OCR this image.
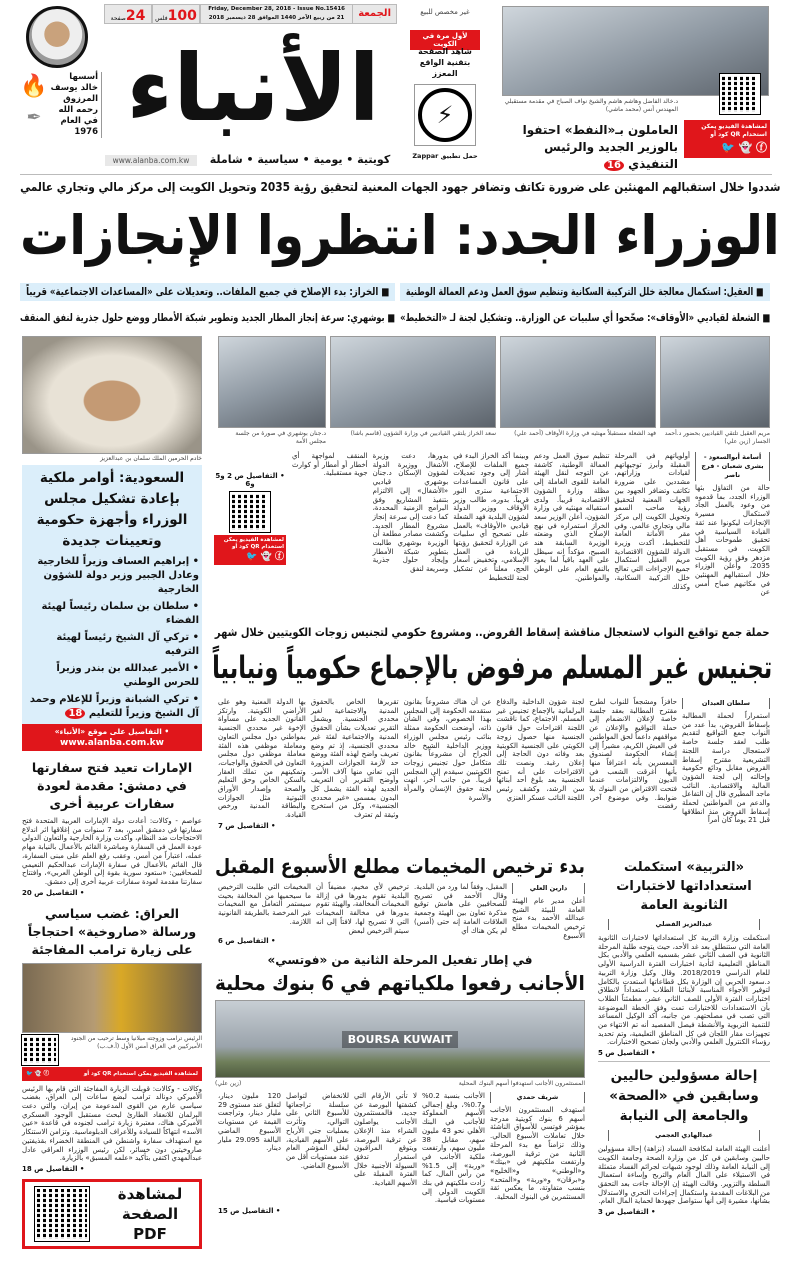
د.خالد الفاضل وهاشم هاشم والشيخ نواف الصباح في مقدمة مستقبلي المهندس أنس (محمد ماشي)
لمشاهدة الفيديو يمكن استخدام QR كود أو
ⓕ 👻 🐦
العاملون بـ«النفط» احتفوا بالوزير الجديد والرئيس التنفيذي 16
غير مخصص للبيع
الجمعة
Friday, December 28, 2018 - Issue No.15416
21 من ربيع الآخر 1440 الموافق 28 ديسمبر 2018
100فلس
24صفحة
🔥
✒
أسسها
خالد يوسف
المرزوق
رحمه الله
في العام
1976 الأنباء
كويتية • يومية • سياسية • شاملة
www.alanba.com.kw
لأول مرة في الكويت
شاهد الصفحة بتقنية الواقع المعزز
⚡
حمل تطبيق Zappar
شددوا خلال استقبالهم المهنئين على ضرورة تكاتف وتضافر جهود الجهات المعنية لتحقيق رؤية 2035 وتحويل الكويت إلى مركز مالي وتجاري عالمي
الوزراء الجدد: انتظروا الإنجازات
■ العقيل: استكمال معالجة خلل التركيبة السكانية وتنظيم سوق العمل ودعم العمالة الوطنية
■ الخراز: بدء الإصلاح في جميع الملفات.. وتعديلات على «المساعدات الاجتماعية» قريباً
■ الشعلة لقياديي «الأوقاف»: صحّحوا أي سلبيات عن الوزارة.. وتشكيل لجنة لـ «التخطيط»
■ بوشهري: سرعة إنجاز المطار الجديد وتطوير شبكة الأمطار ووضع حلول جذرية لنفق المنقف
مريم العقيل تلتقي القياديين بحضور د.أحمد الجسار (زين علي)
فهد الشعلة مستقبلاً مهنئيه في وزارة الأوقاف (أحمد علي)
سعد الخراز يلتقي القياديين في وزارة الشؤون (قاسم باشا)
د.جنان بوشهري في صورة من جلسة مجلس الأمة
أسامة أبوالسعود - بشرى شعبان - فرج ناصر
حالة من التفاؤل بثها الوزراء الجدد، بما قدموه من وعود بالعمل الجاد لاستكمال مسيرة الإنجازات ليكونوا عند ثقة القيادة السياسية في تحقيق طموحات أهل الكويت، في مستقبل مزدهر وفق رؤية الكويت 2035، وأعلن الوزراء خلال استقبالهم المهنئين في مكاتبهم صباح أمس عن
أولوياتهم في المرحلة المقبلة وأبرز توجيهاتهم لقيادات وزاراتهم، مشددين على ضرورة تكاتف وتضافر الجهود بين الجهات المعنية لتحقيق رؤية صاحب السمو وتحويل الكويت إلى مركز مالي وتجاري عالمي. وفي مقر الأمانة العامة للتخطيط، أكدت وزيرة الدولة للشؤون الاقتصادية مريم العقيل استكمال جميع الإجراءات التي تعالج خلل التركيبة السكانية، وكذلك
تنظيم سوق العمل ودعم العمالة الوطنية، كاشفة عن التوجه لنقل الهيئة العامة للقوى العاملة إلى مظلة وزارة الشؤون الاقتصادية قريباً. ولدى استقباله مهنئيه في وزارة الشؤون، أعلن الوزير سعد الخراز استمراره في نهج الإصلاح الذي وضعته الوزيرة السابقة هند الصبيح، مؤكداً انه سيظل على العهد باقياً لما يعود بالنفع العام على الوطن والمواطنين.
وبينما أكد الخراز البدء في جميع الملفات للإصلاح، أشار إلى وجود تعديلات على قانون المساعدات الاجتماعية سترى النور قريباً. بدوره، طالب وزير الأوقاف ووزير الدولة لشؤون البلدية فهد الشعلة قياديي «الأوقاف» بالعمل على تصحيح أي سلبيات عن الوزارة لتحقيق رؤيتها للريادة في العمل الإسلامي، وتخفيض أسعار الحج، معلناً عن تشكيل لجنة للتخطيط
بدورها، دعت وزيرة الأشغال ووزيرة الدولة لشؤون الإسكان د.جنان بوشهري قياديي «الأشغال» إلى الالتزام بتنفيذ المشاريع وفق البرامج الزمنية المحددة، كما دعت إلى سرعة إنجاز مشروع المطار الجديد. وكشفت مصادر مطلعة أن الوزيرة بوشهري طالبت بتطوير شبكة الأمطار وإيجاد حلول جذرية وسريعة لنفق
المنقف لمواجهة أي أخطار أو أمطار أو كوارث جوية مستقبلية.
• التفاصيل ص 2 و5 و6
لمشاهدة الفيديو يمكن استخدام QR كود أو
ⓕ 👻 🐦
خادم الحرمين الملك سلمان بن عبدالعزيز
السعودية: أوامر ملكية بإعادة تشكيل مجلس الوزراء وأجهزة حكومية وتعيينات جديدة
• إبراهيم العساف وزيراً للخارجية وعادل الجبير وزير دولة للشؤون الخارجية
• سلطان بن سلمان رئيساً لهيئة الفضاء
• تركي آل الشيخ رئيساً لهيئة الترفيه
• الأمير عبدالله بن بندر وزيراً للحرس الوطني
• تركي الشبانة وزيراً للإعلام وحمد آل الشيخ وزيراً للتعليم 18
• التفاصيل على موقع «الأنباء»
www.alanba.com.kw
الإمارات تعيد فتح سفارتها في دمشق: مقدمة لعودة سفارات عربية أخرى
عواصم - وكالات: أعادت دولة الإمارات العربية المتحدة فتح سفارتها في دمشق أمس، بعد 7 سنوات من إغلاقها اثر اندلاع الاحتجاجات ضد النظام، وأكدت وزارة الخارجية والتعاون الدولي عودة العمل في السفارة ومباشرة القائم بالأعمال بالنيابة مهام عمله، اعتباراً من أمس. وعقب رفع العلم على مبنى السفارة، قال القائم بالأعمال في سفارة الإمارات عبدالحكيم النعيمي للصحافيين: «ستعود سورية بقوة إلى الوطن العربي»، وافتتاح سفارتنا مقدمة لعودة سفارات عربية أخرى إلى دمشق.
• التفاصيل ص 20
العراق: غضب سياسي ورسالة «صاروخية» احتجاجاً على زيارة ترامب المفاجئة
الرئيس ترامب وزوجته ميلانيا وسط ترحيب من الجنود الأميركيين في العراق أمس الأول (أ.ف.ب)
لمشاهدة الفيديو يمكن استخدام QR كود أو
ⓕ 👻 🐦
وكالات - وكالات: قوبلت الزيارة المفاجئة التي قام بها الرئيس الأميركي دونالد ترامب لبضع ساعات إلى العراق، بغضب سياسي عارم من القوى المدعومة من إيران، والتي دعت البرلمان للانعقاد الطارئ لبحث مستقبل الوجود العسكري الأميركي هناك، معتبرة زيارة ترامب لجنوده في قاعدة «عين الأسد» انتهاكاً للسيادة وللأعراف الدبلوماسية. وتزامن الاستنكار مع استهداف سفارة واشنطن في المنطقة الخضراء بقذيفتين صاروخيتين دون خسائر، لكن رئيس الوزراء العراقي عادل عبدالمهدي اكتفى بتأكيد «علمه المسبق» بالزيارة.
• التفاصيل ص 18
لمشاهدة الصفحة PDF
حملة جمع تواقيع النواب لاستعجال مناقشة إسقاط القروض.. ومشروع حكومي لتجنيس زوجات الكويتيين خلال شهر
تجنيس غير المسلم مرفوض بالإجماع حكومياً ونيابياً
سلطان العبدان
استمراراً لحملة المطالبة بإسقاط القروض، بدأ عدد من النواب جمع التواقيع لتقديم طلب لعقد جلسة خاصة لاستعجال دراسة اللجنة التشريعية مقترح إسقاط القروض مقابل ودائع حكومية وإحالته إلى لجنة الشؤون المالية والاقتصادية. النائب ماجد المطيري قال إن التفاعل والدعم من المواطنين لحملة إسقاط القروض منذ انطلاقها قبل 21 يوماً كان أمراً
حافزاً ومشجعاً للنواب لطرح مقترح المطالبة بعقد جلسة خاصة لإعلان الانضمام إلى حملة التواقيع والإعلان عن مواقفهم داعماً لحق المواطنين في العيش الكريم، مشيراً إلى إنشاء الحكومة لصندوق المعسرين بأنه اعترافاً منها بأنها أغرقت الشعب في الديون والالتزامات عندما فتحت الاقتراض من البنوك بلا ضوابط. وفي موضوع آخر، رفضت
لجنة شؤون الداخلية والدفاع البرلمانية بالإجماع تجنيس غير المسلم. الاجتماع، كما ناقشت اللجنة اقتراحات حول قانون الجنسية منها حصول زوجة الكويتي على الجنسية الكويتية بعد وفاته دون الحاجة إلى إعلان رغبة. ونصت تلك الاقتراحات على أنه تمنح الجنسية بعد بلوغ أحد أبنائها سن الرشد، وكشف رئيس اللجنة النائب عسكر العنزي
عن أن هناك مشروعاً بقانون ستقدمه الحكومة إلى المجلس بهذا الخصوص، وفي الشأن ذاته، أوضحت الحكومة ممثلة بنائب رئيس مجلس الوزراء ووزير الداخلية الشيخ خالد الجراح أن مشروعاً بقانون متكامل حول تجنيس زوجات الكويتيين سيقدم إلى المجلس قريباً. من جانب آخر، انهت لجنة حقوق الإنسان والمرأة والأسرة
تقريرها الخاص بالحقوق المدنية والاجتماعية لغير محددي الجنسية. ويشمل التقرير تعديلات بشأن الحقوق المدنية والاجتماعية لفئة غير محددي الجنسية، إذ تم وضع تعريف واضح لهذه الفئة ووضع حد لأزمة الجوازات المزورة التي تعاني منها آلاف الأسر. وأوضح التقرير أن التعريف الجديد لهذه الفئة يشمل كل البدون بمسمى «غير محددي الجنسية»، وكل من استخرج وثيقة لم تعترف
بها الدولة المعنية وهو على الأراضي الكويتية. وارتكز القانون الجديد على مساواة الإخوة غير محددي الجنسية بمواطني دول مجلس التعاون ومعاملة موظفي هذه الفئة معاملة موظفي دول مجلس التعاون في الحقوق والواجبات، وتمكينهم من تملك العقار بالسكن الخاص وحق التعليم والصحة وإصدار الأوراق الثبوتية مثل الجوازات والبطاقة المدنية ورخص القيادة.
• التفاصيل ص 7
«التربية» استكملت استعداداتها لاختبارات الثانوية العامة
عبدالعزيز الفضلي
استكملت وزارة التربية كل استعداداتها لاختبارات الثانوية العامة التي ستنطلق بعد غد الأحد، حيث يتوجه طلبة المرحلة الثانوية في الصف الثاني عشر بقسميه العلمي والأدبي بكل المناطق التعليمية لتأدية اختبارات الفترة الدراسية الأولى للعام الدراسي 2018/2019. وقال وكيل وزارة التربية د.سعود الحربي إن الوزارة بكل قطاعاتها استعدت بالكامل لتوفير الأجواء المناسبة لأبنائنا الطلاب استعداداً لانطلاق اختبارات الفترة الأولى للصف الثاني عشر، مطمئناً الطلاب بأن الاستعدادات للاختبارات تمت وفق الخطة الموضوعة التي تصب في مصلحتهم. من جانبه، أكد الوكيل المساعد للتنمية التربوية والأنشطة فيصل المقصيد أنه تم الانتهاء من تجهيزات مقار اللجان في كل المناطق التعليمية، وتم تحديد رؤساء الكنترول العلمي والأدبي ولجان تصحيح الاختبارات.
• التفاصيل ص 5
إحالة مسؤولين حاليين وسابقين في «الصحة» والجامعة إلى النيابة
عبدالهادي العجمي
أعلنت الهيئة العامة لمكافحة الفساد (نزاهة) إحالة مسؤولين حاليين وسابقين في كل من وزارة الصحة وجامعة الكويت إلى النيابة العامة وذلك لوجود شبهات لجرائم الفساد متمثلة في الاستيلاء على المال العام والتربح وإساءة استعمال السلطة والتزوير. وقالت الهيئة إن الإحالة جاءت بعد التحقق من البلاغات المقدمة واستكمال إجراءات التحري والاستدلال بشأنها، مشيرة إلى أنها ستواصل جهودها لحماية المال العام.
• التفاصيل ص 3
بدء ترخيص المخيمات مطلع الأسبوع المقبل
دارين العلي
أعلن مدير عام الهيئة العامة للبيئة الشيخ عبدالله الأحمد بدء منح ترخيص المخيمات مطلع الأسبوع
المقبل، وفقاً لما ورد من البلدية. وقال الأحمد في تصريح للصحافيين على هامش توقيع مذكرة تعاون بين الهيئة وجمعية العلاقات العامة إنه حتى (أمس) لم يكن هناك أي
ترخيص لأي مخيم، مضيفاً أن البلدية تقوم بدورها في إزالة المخيمات المخالفة، والهيئة تقوم بدورها في مخالفة المخيمات التي لا تصريح لها، لافتاً إلى انه سيتم الترخيص لبعض
المخيمات التي طلبت الترخيص ما سيحميها من المخالفة بحيث سيستمر التعامل مع المخيمات غير المرخصة بالطريقة القانونية اللازمة.
• التفاصيل ص 6
في إطار تفعيل المرحلة الثانية من «فوتسي»
الأجانب رفعوا ملكياتهم في 6 بنوك محلية
BOURSA KUWAIT
المستثمرون الأجانب استهدفوا أسهم البنوك المحلية
(زين علي)
شريف حمدي
استهدف المستثمرون الأجانب أسهم 6 بنوك كويتية مدرجة بمؤشر فوتسي للأسواق الناشئة خلال تعاملات الأسبوع الحالي. وذلك تزامناً مع بدء المرحلة الثانية من ترقية البورصة، وارتفعت ملكيتهم في «بيتك» و«الوطني» و«الخليج» و«برقان» و«وربة» و«المتحد» بنسب متفاوتة، ما يعكس ثقة المستثمرين في البنوك المحلية.
الأجانب بنسبة 0.2% و0.7%، وبلغ إجمالي الأسهم المملوكة للأجانب في البنك الأهلي نحو 43 مليون سهم، مقابل 38 مليون سهم، وارتفعت ملكية الأجانب في «وربة» إلى 1.5% من رأس المال، كما زادت ملكيتهم في بنك الكويت الدولي إلى مستويات قياسية.
لا تأتي الأرقام التي كشفتها البورصة عن جديد، فالمستثمرون الأجانب يواصلون الشراء منذ الإعلان عن ترقية البورصة، ويتوقع المراقبون استمرار تدفق السيولة الأجنبية خلال الفترة المقبلة على الأسهم القيادية.
للانخفاض لتواصل سلسلة تراجعاتها للأسبوع الثاني على التوالي، وتأثرت بعمليات جني الأرباح على الأسهم القيادية، ليغلق المؤشر العام عند مستويات أقل من الأسبوع الماضي.
120 مليون دينار، لتغلق عند مستوى 29 مليار دينار، وتراجعت القيمة عن مستويات الأسبوع الماضي البالغة 29.095 مليار دينار.
• التفاصيل ص 15
